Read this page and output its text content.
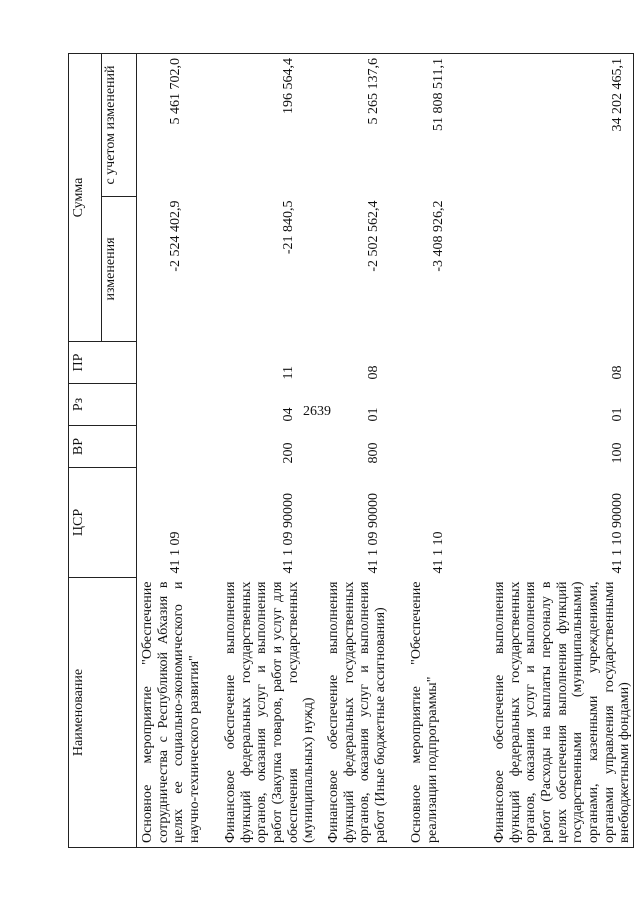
2639
Наименование	ЦСР	ВР	Рз	ПР	Сумма	
					изменения	с учетом изменений
Основное мероприятие "Обеспечение сотрудничества с Республикой Абхазия в целях ее социально-экономического и научно-технического развития"	41 1 09				-2 524 402,9	5 461 702,0

Финансовое обеспечение выполнения функций федеральных государственных органов, оказания услуг и выполнения работ (Закупка товаров, работ и услуг для обеспечения государственных (муниципальных) нужд)	41 1 09 90000	200	04	11	-21 840,5	196 564,4

Финансовое обеспечение выполнения функций федеральных государственных органов, оказания услуг и выполнения работ (Иные бюджетные ассигнования)	41 1 09 90000	800	01	08	-2 502 562,4	5 265 137,6

Основное мероприятие "Обеспечение реализации подпрограммы"	41 1 10				-3 408 926,2	51 808 511,1

Финансовое обеспечение выполнения функций федеральных государственных органов, оказания услуг и выполнения работ (Расходы на выплаты персоналу в целях обеспечения выполнения функций государственными (муниципальными) органами, казенными учреждениями, органами управления государственными внебюджетными фондами)	41 1 10 90000	100	01	08		34 202 465,1
